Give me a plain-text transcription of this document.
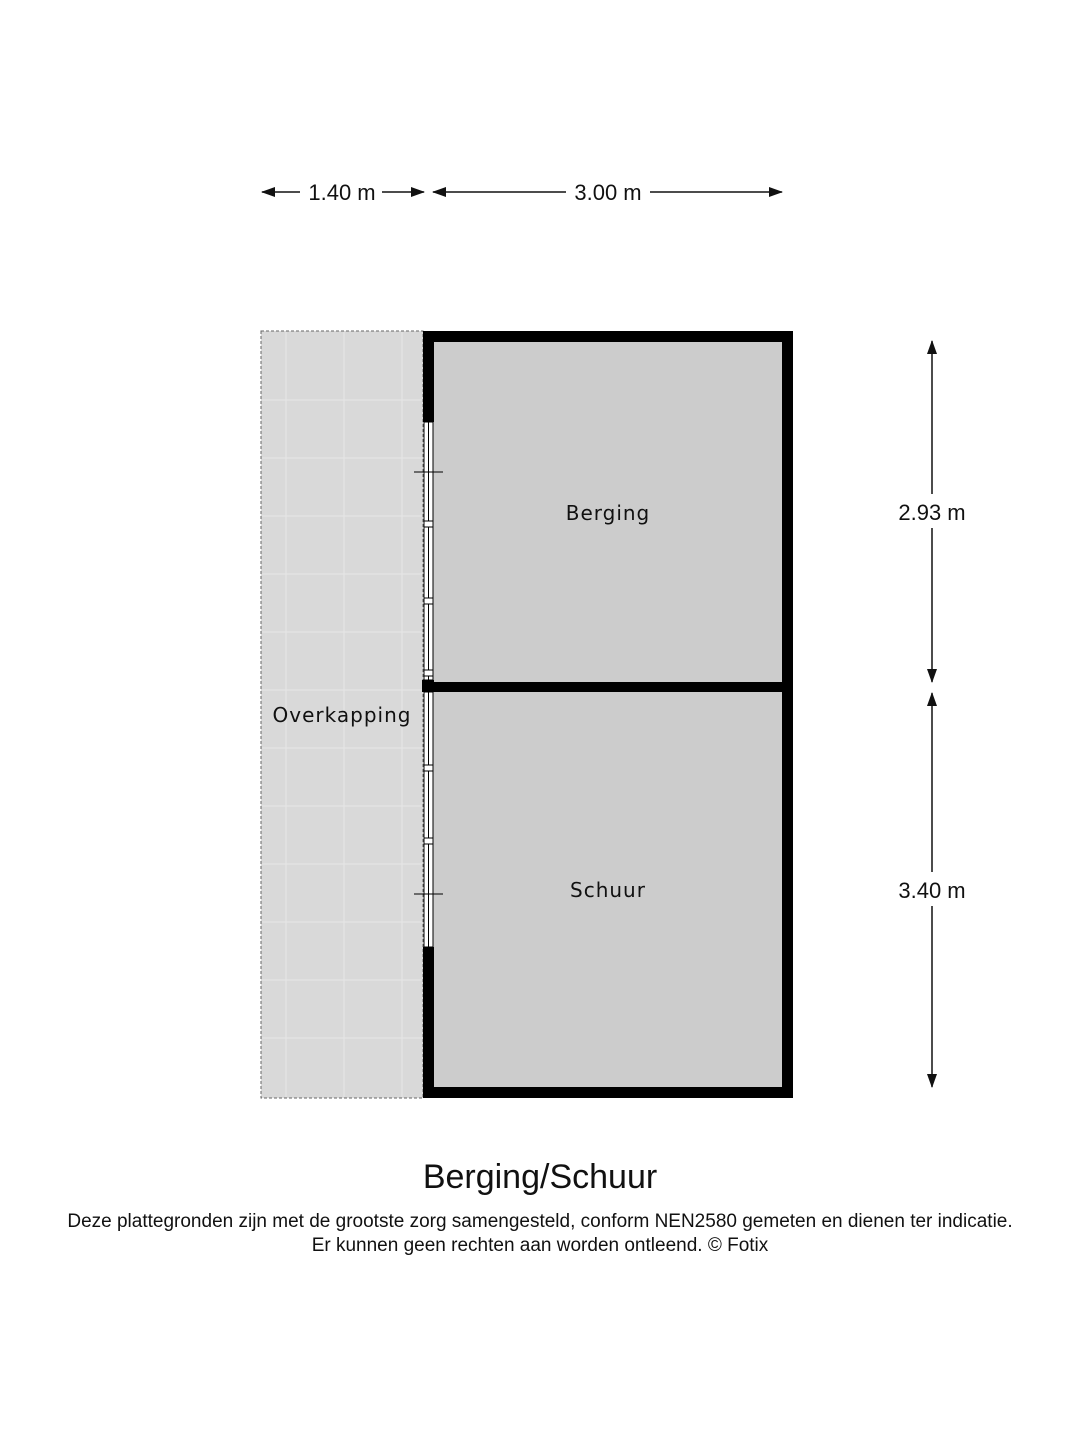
Berging
Schuur
Overkapping
1.40 m	3.00 m
2.93 m
3.40 m
Berging/Schuur
Deze plattegronden zijn met de grootste zorg samengesteld, conform NEN2580 gemeten en dienen ter indicatie.
Er kunnen geen rechten aan worden ontleend. © Fotix
